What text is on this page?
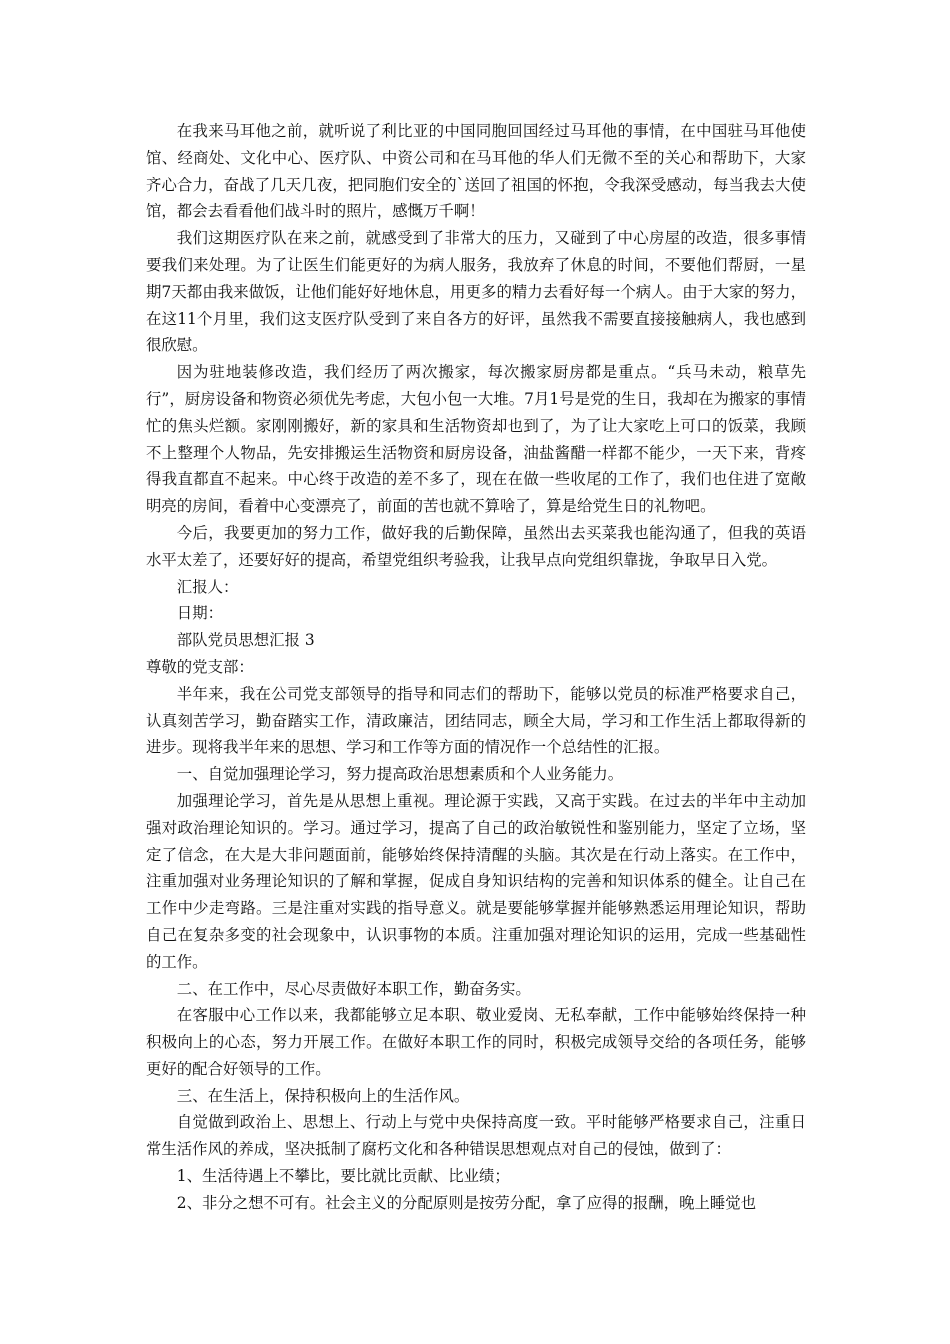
在我来马耳他之前，就听说了利比亚的中国同胞回国经过马耳他的事情，在中国驻马耳他使馆、经商处、文化中心、医疗队、中资公司和在马耳他的华人们无微不至的关心和帮助下，大家齐心合力，奋战了几天几夜，把同胞们安全的`送回了祖国的怀抱，令我深受感动，每当我去大使馆，都会去看看他们战斗时的照片，感慨万千啊！

我们这期医疗队在来之前，就感受到了非常大的压力，又碰到了中心房屋的改造，很多事情要我们来处理。为了让医生们能更好的为病人服务，我放弃了休息的时间，不要他们帮厨，一星期7天都由我来做饭，让他们能好好地休息，用更多的精力去看好每一个病人。由于大家的努力，在这11个月里，我们这支医疗队受到了来自各方的好评，虽然我不需要直接接触病人，我也感到很欣慰。

因为驻地装修改造，我们经历了两次搬家，每次搬家厨房都是重点。“兵马未动，粮草先行”，厨房设备和物资必须优先考虑，大包小包一大堆。7月1号是党的生日，我却在为搬家的事情忙的焦头烂额。家刚刚搬好，新的家具和生活物资却也到了，为了让大家吃上可口的饭菜，我顾不上整理个人物品，先安排搬运生活物资和厨房设备，油盐酱醋一样都不能少，一天下来，背疼得我直都直不起来。中心终于改造的差不多了，现在在做一些收尾的工作了，我们也住进了宽敞明亮的房间，看着中心变漂亮了，前面的苦也就不算啥了，算是给党生日的礼物吧。

今后，我要更加的努力工作，做好我的后勤保障，虽然出去买菜我也能沟通了，但我的英语水平太差了，还要好好的提高，希望党组织考验我，让我早点向党组织靠拢，争取早日入党。

汇报人：

日期：

部队党员思想汇报 3

尊敬的党支部：

半年来，我在公司党支部领导的指导和同志们的帮助下，能够以党员的标准严格要求自己，认真刻苦学习，勤奋踏实工作，清政廉洁，团结同志，顾全大局，学习和工作生活上都取得新的进步。现将我半年来的思想、学习和工作等方面的情况作一个总结性的汇报。

一、自觉加强理论学习，努力提高政治思想素质和个人业务能力。

加强理论学习，首先是从思想上重视。理论源于实践，又高于实践。在过去的半年中主动加强对政治理论知识的。学习。通过学习，提高了自己的政治敏锐性和鉴别能力，坚定了立场，坚定了信念，在大是大非问题面前，能够始终保持清醒的头脑。其次是在行动上落实。在工作中，注重加强对业务理论知识的了解和掌握，促成自身知识结构的完善和知识体系的健全。让自己在工作中少走弯路。三是注重对实践的指导意义。就是要能够掌握并能够熟悉运用理论知识，帮助自己在复杂多变的社会现象中，认识事物的本质。注重加强对理论知识的运用，完成一些基础性的工作。

二、在工作中，尽心尽责做好本职工作，勤奋务实。

在客服中心工作以来，我都能够立足本职、敬业爱岗、无私奉献，工作中能够始终保持一种积极向上的心态，努力开展工作。在做好本职工作的同时，积极完成领导交给的各项任务，能够更好的配合好领导的工作。

三、在生活上，保持积极向上的生活作风。

自觉做到政治上、思想上、行动上与党中央保持高度一致。平时能够严格要求自己，注重日常生活作风的养成，坚决抵制了腐朽文化和各种错误思想观点对自己的侵蚀，做到了：

1、生活待遇上不攀比，要比就比贡献、比业绩；

2、非分之想不可有。社会主义的分配原则是按劳分配，拿了应得的报酬，晚上睡觉也
